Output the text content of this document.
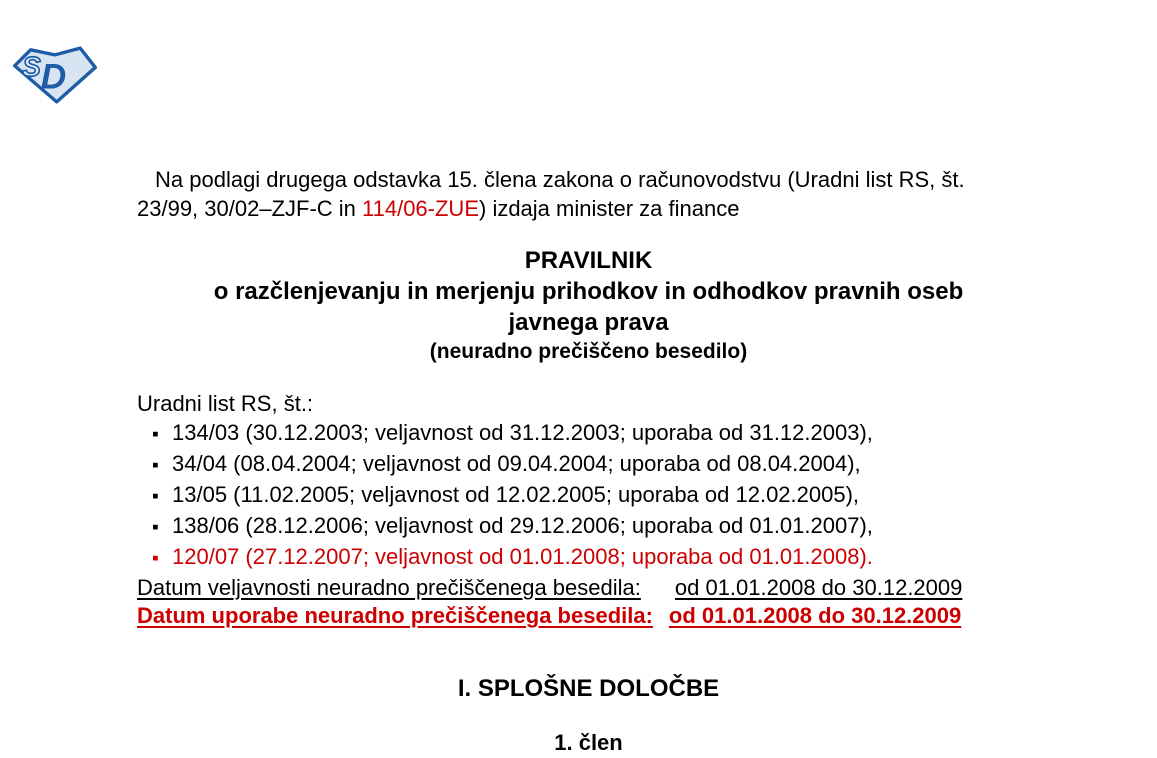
S D
Na podlagi drugega odstavka 15. člena zakona o računovodstvu (Uradni list RS, št.
23/99, 30/02–ZJF-C in 114/06-ZUE) izdaja minister za finance
PRAVILNIK
o razčlenjevanju in merjenju prihodkov in odhodkov pravnih oseb
javnega prava
(neuradno prečiščeno besedilo)
Uradni list RS, št.:
▪ 134/03 (30.12.2003; veljavnost od 31.12.2003; uporaba od 31.12.2003),
▪ 34/04 (08.04.2004; veljavnost od 09.04.2004; uporaba od 08.04.2004),
▪ 13/05 (11.02.2005; veljavnost od 12.02.2005; uporaba od 12.02.2005),
▪ 138/06 (28.12.2006; veljavnost od 29.12.2006; uporaba od 01.01.2007),
▪ 120/07 (27.12.2007; veljavnost od 01.01.2008; uporaba od 01.01.2008).
Datum veljavnosti neuradno prečiščenega besedila: od 01.01.2008 do 30.12.2009
Datum uporabe neuradno prečiščenega besedila: od 01.01.2008 do 30.12.2009
I. SPLOŠNE DOLOČBE
1. člen
